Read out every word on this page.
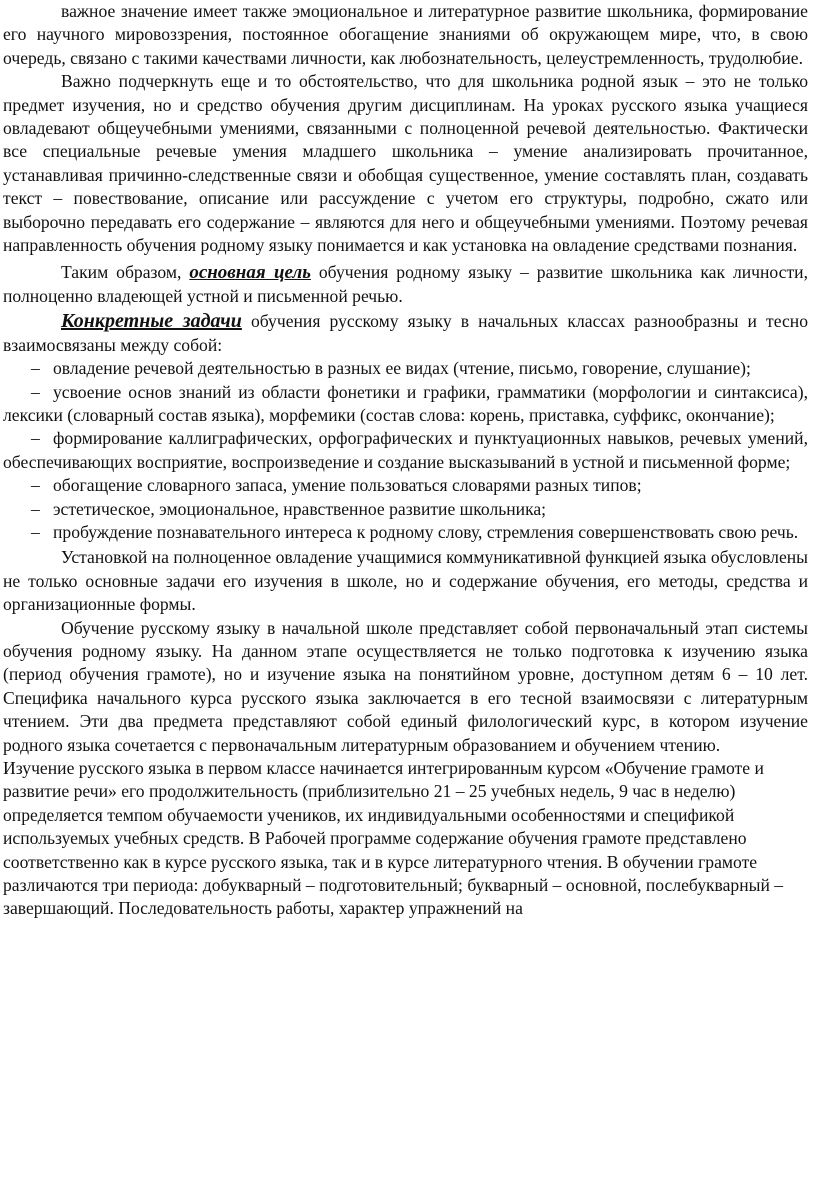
важное значение имеет также эмоциональное и литературное развитие школьника, формирование его научного мировоззрения, постоянное обогащение знаниями об окружающем мире, что, в свою очередь, связано с такими качествами личности, как любознательность, целеустремленность, трудолюбие.

Важно подчеркнуть еще и то обстоятельство, что для школьника родной язык – это не только предмет изучения, но и средство обучения другим дисциплинам. На уроках русского языка учащиеся овладевают общеучебными умениями, связанными с полноценной речевой деятельностью. Фактически все специальные речевые умения младшего школьника – умение анализировать прочитанное, устанавливая причинно-следственные связи и обобщая существенное, умение составлять план, создавать текст – повествование, описание или рассуждение с учетом его структуры, подробно, сжато или выборочно передавать его содержание – являются для него и общеучебными умениями. Поэтому речевая направленность обучения родному языку понимается и как установка на овладение средствами познания.

Таким образом, основная цель обучения родному языку – развитие школьника как личности, полноценно владеющей устной и письменной речью.

Конкретные задачи обучения русскому языку в начальных классах разнообразны и тесно взаимосвязаны между собой:

– овладение речевой деятельностью в разных ее видах (чтение, письмо, говорение, слушание);

– усвоение основ знаний из области фонетики и графики, грамматики (морфологии и синтаксиса), лексики (словарный состав языка), морфемики (состав слова: корень, приставка, суффикс, окончание);

– формирование каллиграфических, орфографических и пунктуационных навыков, речевых умений, обеспечивающих восприятие, воспроизведение и создание высказываний в устной и письменной форме;

– обогащение словарного запаса, умение пользоваться словарями разных типов;

– эстетическое, эмоциональное, нравственное развитие школьника;

– пробуждение познавательного интереса к родному слову, стремления совершенствовать свою речь.

Установкой на полноценное овладение учащимися коммуникативной функцией языка обусловлены не только основные задачи его изучения в школе, но и содержание обучения, его методы, средства и организационные формы.

Обучение русскому языку в начальной школе представляет собой первоначальный этап системы обучения родному языку. На данном этапе осуществляется не только подготовка к изучению языка (период обучения грамоте), но и изучение языка на понятийном уровне, доступном детям 6 – 10 лет. Специфика начального курса русского языка заключается в его тесной взаимосвязи с литературным чтением. Эти два предмета представляют собой единый филологический курс, в котором изучение родного языка сочетается с первоначальным литературным образованием и обучением чтению.

Изучение русского языка в первом классе начинается интегрированным курсом «Обучение грамоте и развитие речи» его продолжительность (приблизительно 21 – 25 учебных недель, 9 час в неделю) определяется темпом обучаемости учеников, их индивидуальными особенностями и спецификой используемых учебных средств. В Рабочей программе содержание обучения грамоте представлено соответственно как в курсе русского языка, так и в курсе литературного чтения. В обучении грамоте различаются три периода: добукварный – подготовительный; букварный – основной, послебукварный – завершающий. Последовательность работы, характер упражнений на
